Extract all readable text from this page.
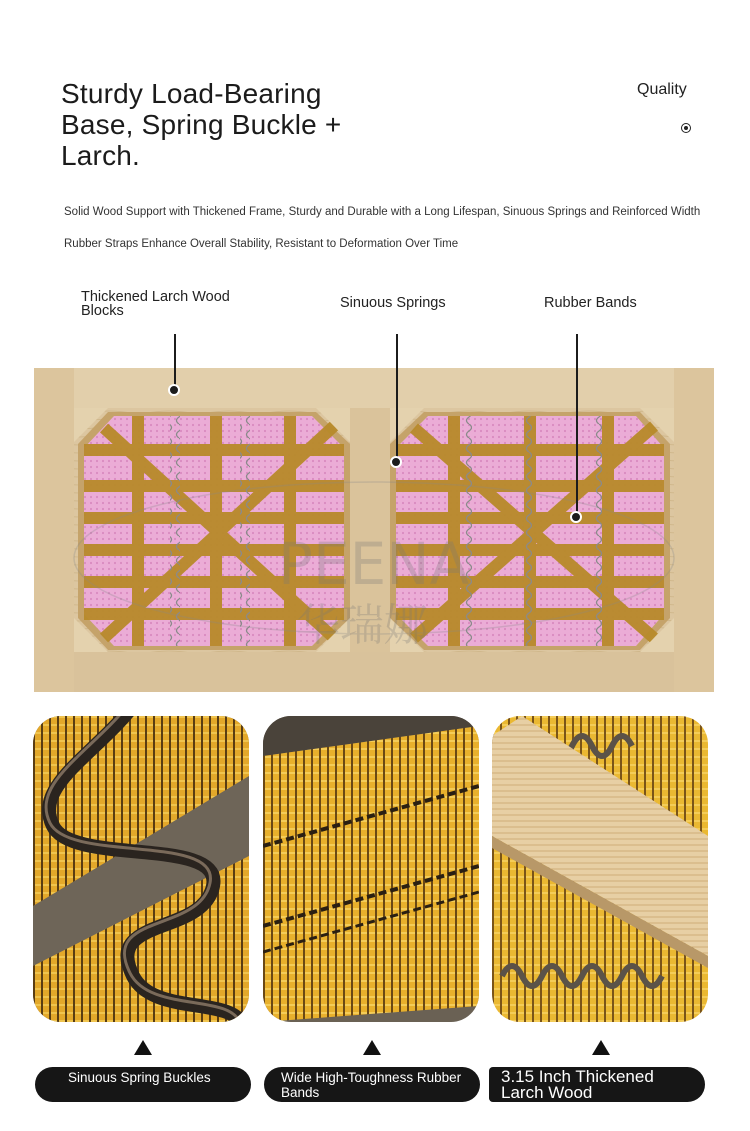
Sturdy Load-Bearing Base, Spring Buckle + Larch.
Quality

Solid Wood Support with Thickened Frame, Sturdy and Durable with a Long Lifespan, Sinuous Springs and Reinforced Width Rubber Straps Enhance Overall Stability, Resistant to Deformation Over Time

Thickened Larch Wood Blocks	Sinuous Springs	Rubber Bands
PEENA
华瑞娜
Sinuous Spring Buckles	Wide High-Toughness Rubber Bands
3.15 Inch Thickened Larch Wood
